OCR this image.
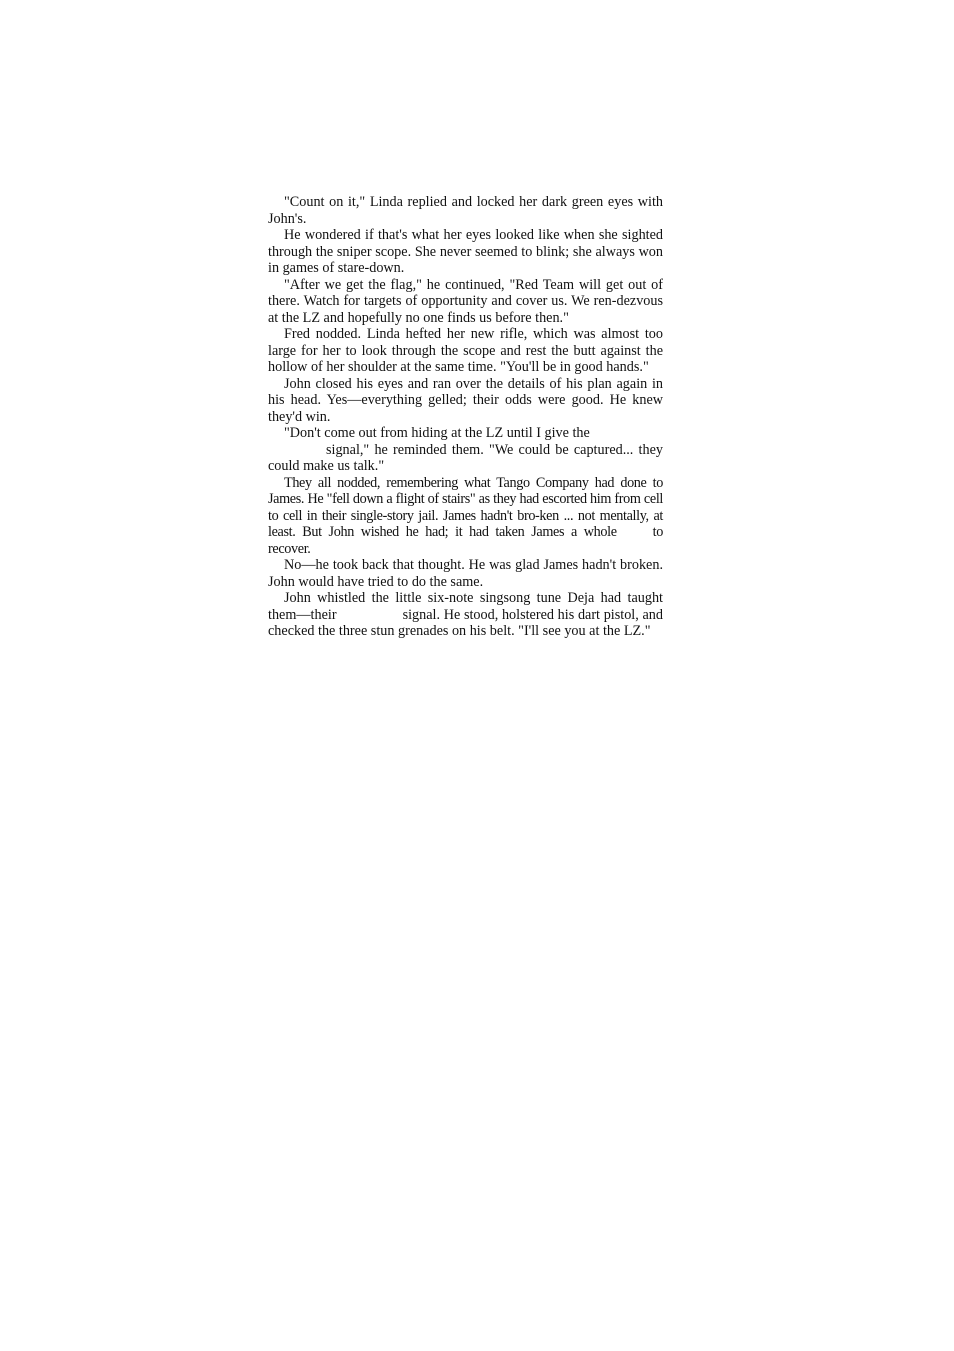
"Count on it," Linda replied and locked her dark green eyes with John's.

He wondered if that's what her eyes looked like when she sighted through the sniper scope. She never seemed to blink; she always won in games of stare-down.

"After we get the flag," he continued, "Red Team will get out of there. Watch for targets of opportunity and cover us. We ren-dezvous at the LZ and hopefully no one finds us before then."

Fred nodded. Linda hefted her new rifle, which was almost too large for her to look through the scope and rest the butt against the hollow of her shoulder at the same time. "You'll be in good hands."

John closed his eyes and ran over the details of his plan again in his head. Yes—everything gelled; their odds were good. He knew they'd win.

"Don't come out from hiding at the LZ until I give the
signal," he reminded them. "We could be captured... they could make us talk."

They all nodded, remembering what Tango Company had done to James. He "fell down a flight of stairs" as they had escorted him from cell to cell in their single-story jail. James hadn't bro-ken ... not mentally, at least. But John wished he had; it had taken James a whole	to recover.

No—he took back that thought. He was glad James hadn't broken. John would have tried to do the same.

John whistled the little six-note singsong tune Deja had taught them—their	signal. He stood, holstered his dart pistol, and checked the three stun grenades on his belt. "I'll see you at the LZ."
